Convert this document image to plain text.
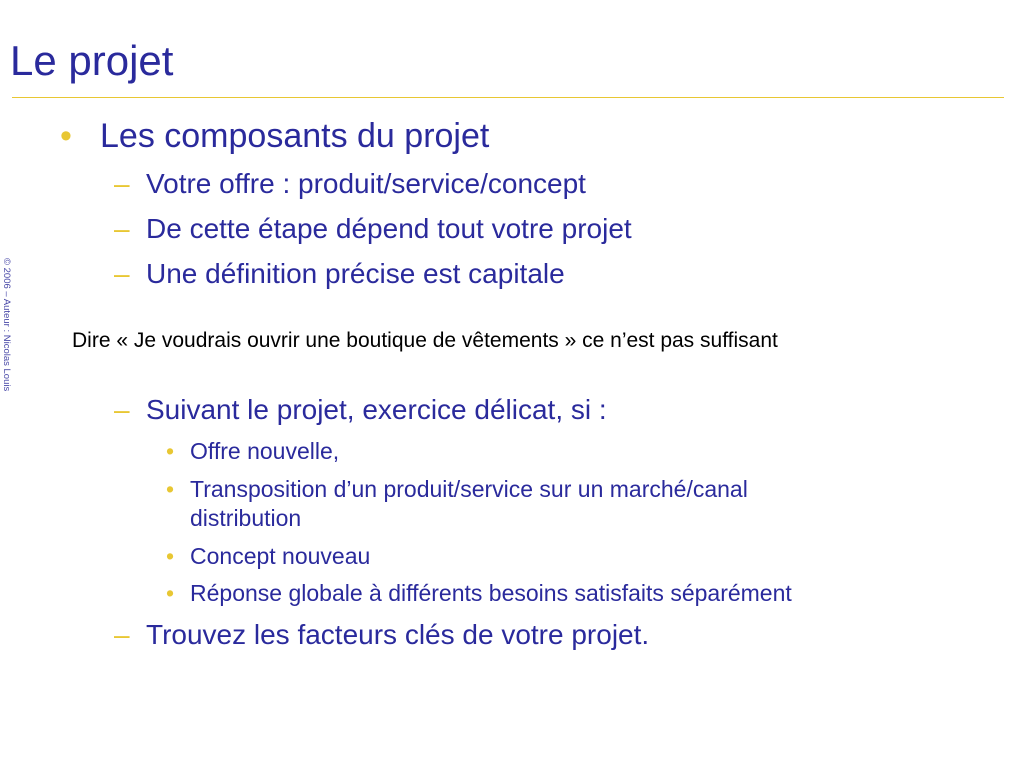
Le projet
© 2006 – Auteur : Nicolas Louis
• Les composants du projet
– Votre offre : produit/service/concept
– De cette étape dépend tout votre projet
– Une définition précise est capitale
Dire « Je voudrais ouvrir une boutique de vêtements » ce n’est pas suffisant
– Suivant le projet, exercice délicat, si :
• Offre nouvelle,
• Transposition d’un produit/service sur un marché/canal
distribution
• Concept nouveau
• Réponse globale à différents besoins satisfaits séparément
– Trouvez les facteurs clés de votre projet.
